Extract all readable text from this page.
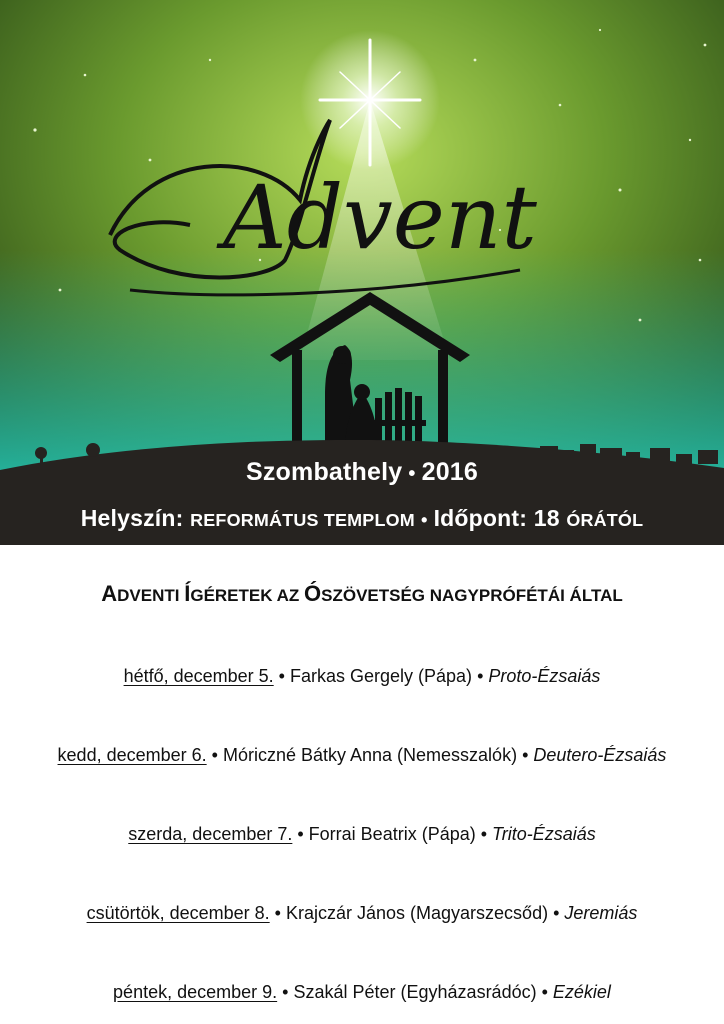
Advent
Szombathely • 2016
Helyszín: REFORMÁTUS TEMPLOM • Időpont: 18 ÓRÁTÓL
ADVENTI ÍGÉRETEK AZ ÓSZÖVETSÉG NAGYPRÓFÉTÁI ÁLTAL
hétfő, december 5. • Farkas Gergely (Pápa) • Proto-Ézsaiás
kedd, december 6. • Móriczné Bátky Anna (Nemesszalók) • Deutero-Ézsaiás
szerda, december 7. • Forrai Beatrix (Pápa) • Trito-Ézsaiás
csütörtök, december 8. • Krajczár János (Magyarszecsőd) • Jeremiás
péntek, december 9. • Szakál Péter (Egyházasrádóc) • Ezékiel
